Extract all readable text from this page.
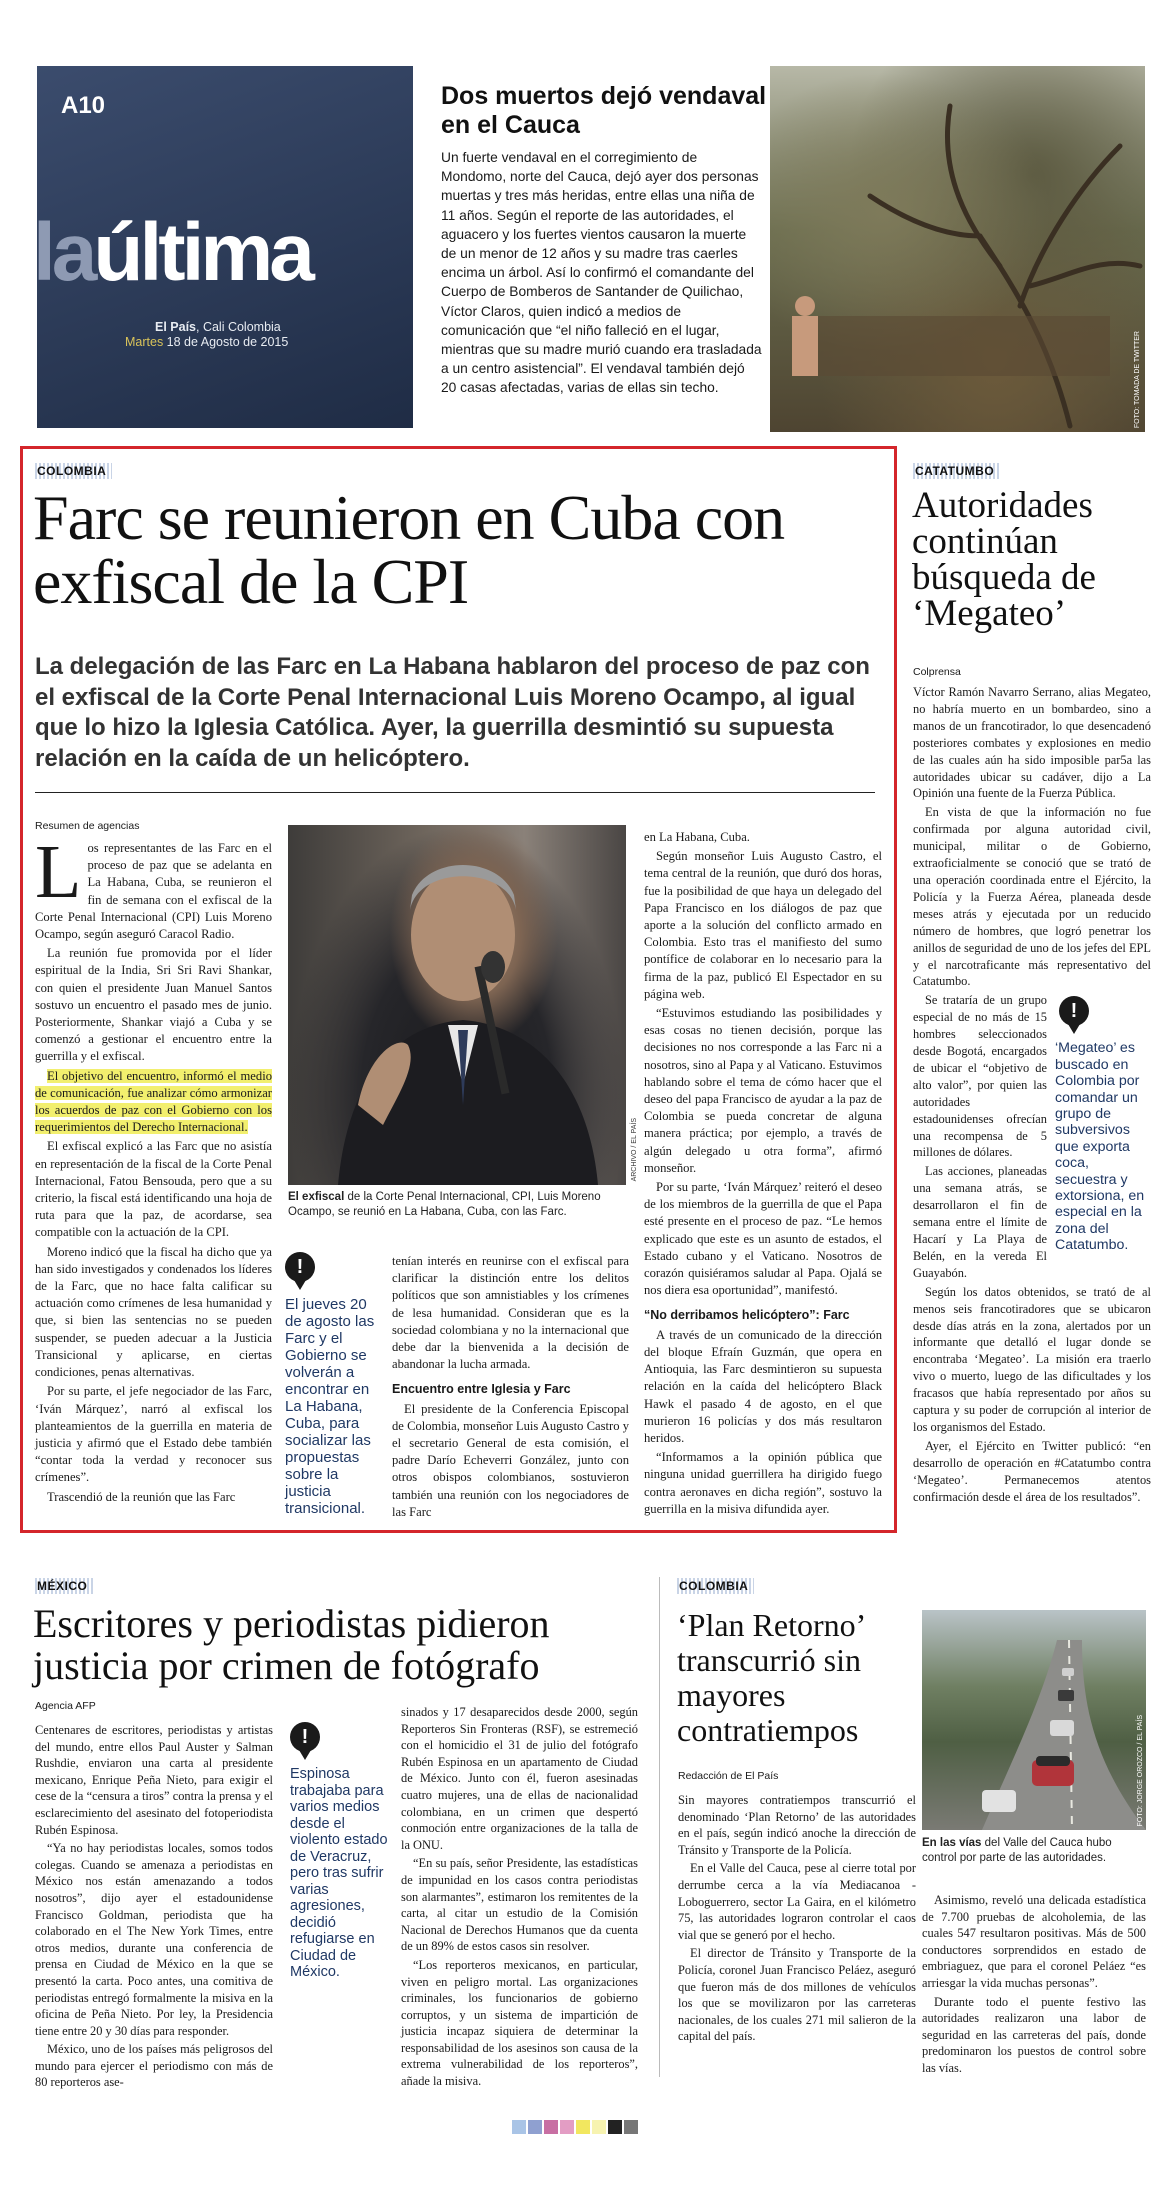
A10
laúltima
El País, Cali Colombia
Martes 18 de Agosto de 2015
Dos muertos dejó vendaval en el Cauca
Un fuerte vendaval en el corregimiento de Mondomo, norte del Cauca, dejó ayer dos personas muertas y tres más heridas, entre ellas una niña de 11 años. Según el reporte de las autoridades, el aguacero y los fuertes vientos causaron la muerte de un menor de 12 años y su madre tras caerles encima un árbol. Así lo confirmó el comandante del Cuerpo de Bomberos de Santander de Quilichao, Víctor Claros, quien indicó a medios de comunicación que “el niño falleció en el lugar, mientras que su madre murió cuando era trasladada a un centro asistencial”. El vendaval también dejó 20 casas afectadas, varias de ellas sin techo.	FOTO: TOMADA DE TWITTER
COLOMBIA
Farc se reunieron en Cuba con exfiscal de la CPI
La delegación de las Farc en La Habana hablaron del proceso de paz con el exfiscal de la Corte Penal Internacional Luis Moreno Ocampo, al igual que lo hizo la Iglesia Católica. Ayer, la guerrilla desmintió su supuesta relación en la caída de un helicóptero.
Resumen de agencias
L os representantes de las Farc en el proceso de paz que se adelanta en La Habana, Cuba, se reunieron el fin de semana con el exfiscal de la Corte Penal Internacional (CPI) Luis Moreno Ocampo, según aseguró Caracol Radio.

La reunión fue promovida por el líder espiritual de la India, Sri Sri Ravi Shankar, con quien el presidente Juan Manuel Santos sostuvo un encuentro el pasado mes de junio. Posteriormente, Shankar viajó a Cuba y se comenzó a gestionar el encuentro entre la guerrilla y el exfiscal.

El objetivo del encuentro, informó el medio de comunicación, fue analizar cómo armonizar los acuerdos de paz con el Gobierno con los requerimientos del Derecho Internacional.

El exfiscal explicó a las Farc que no asistía en representación de la fiscal de la Corte Penal Internacional, Fatou Bensouda, pero que a su criterio, la fiscal está identificando una hoja de ruta para que la paz, de acordarse, sea compatible con la actuación de la CPI.

Moreno indicó que la fiscal ha dicho que ya han sido investigados y condenados los líderes de la Farc, que no hace falta calificar su actuación como crímenes de lesa humanidad y que, si bien las sentencias no se pueden suspender, se pueden adecuar a la Justicia Transicional y aplicarse, en ciertas condiciones, penas alternativas.

Por su parte, el jefe negociador de las Farc, ‘Iván Márquez’, narró al exfiscal los planteamientos de la guerrilla en materia de justicia y afirmó que el Estado debe también “contar toda la verdad y reconocer sus crímenes”.

Trascendió de la reunión que las Farc

ARCHIVO / EL PAÍS
El exfiscal de la Corte Penal Internacional, CPI, Luis Moreno Ocampo, se reunió en La Habana, Cuba, con las Farc.
!
El jueves 20 de agosto las Farc y el Gobierno se volverán a encontrar en La Habana, Cuba, para socializar las propuestas sobre la justicia transicional.

tenían interés en reunirse con el exfiscal para clarificar la distinción entre los delitos políticos que son amnistiables y los crímenes de lesa humanidad. Consideran que es la sociedad colombiana y no la internacional que debe dar la bienvenida a la decisión de abandonar la lucha armada.

Encuentro entre Iglesia y Farc

El presidente de la Conferencia Episcopal de Colombia, monseñor Luis Augusto Castro y el secretario General de esta comisión, el padre Darío Echeverri González, junto con otros obispos colombianos, sostuvieron también una reunión con los negociadores de las Farc

en La Habana, Cuba.

Según monseñor Luis Augusto Castro, el tema central de la reunión, que duró dos horas, fue la posibilidad de que haya un delegado del Papa Francisco en los diálogos de paz que aporte a la solución del conflicto armado en Colombia. Esto tras el manifiesto del sumo pontífice de colaborar en lo necesario para la firma de la paz, publicó El Espectador en su página web.

“Estuvimos estudiando las posibilidades y esas cosas no tienen decisión, porque las decisiones no nos corresponde a las Farc ni a nosotros, sino al Papa y al Vaticano. Estuvimos hablando sobre el tema de cómo hacer que el deseo del papa Francisco de ayudar a la paz de Colombia se pueda concretar de alguna manera práctica; por ejemplo, a través de algún delegado u otra forma”, afirmó monseñor.

Por su parte, ‘Iván Márquez’ reiteró el deseo de los miembros de la guerrilla de que el Papa esté presente en el proceso de paz. “Le hemos explicado que este es un asunto de estados, el Estado cubano y el Vaticano. Nosotros de corazón quisiéramos saludar al Papa. Ojalá se nos diera esa oportunidad”, manifestó.

“No derribamos helicóptero”: Farc

A través de un comunicado de la dirección del bloque Efraín Guzmán, que opera en Antioquia, las Farc desmintieron su supuesta relación en la caída del helicóptero Black Hawk el pasado 4 de agosto, en el que murieron 16 policías y dos más resultaron heridos.

“Informamos a la opinión pública que ninguna unidad guerrillera ha dirigido fuego contra aeronaves en dicha región”, sostuvo la guerrilla en la misiva difundida ayer.

CATATUMBO
Autoridades continúan búsqueda de ‘Megateo’
Colprensa

Víctor Ramón Navarro Serrano, alias Megateo, no habría muerto en un bombardeo, sino a manos de un francotirador, lo que desencadenó posteriores combates y explosiones en medio de las cuales aún ha sido imposible par5a las autoridades ubicar su cadáver, dijo a La Opinión una fuente de la Fuerza Pública.

En vista de que la información no fue confirmada por alguna autoridad civil, municipal, militar o de Gobierno, extraoficialmente se conoció que se trató de una operación coordinada entre el Ejército, la Policía y la Fuerza Aérea, planeada desde meses atrás y ejecutada por un reducido número de hombres, que logró penetrar los anillos de seguridad de uno de los jefes del EPL y el narcotraficante más representativo del Catatumbo.

!
‘Megateo’ es buscado en Colombia por comandar un grupo de subversivos que exporta coca, secuestra y extorsiona, en especial en la zona del Catatumbo.

Se trataría de un grupo especial de no más de 15 hombres seleccionados desde Bogotá, encargados de ubicar el “objetivo de alto valor”, por quien las autoridades estadounidenses ofrecían una recompensa de 5 millones de dólares.

Las acciones, planeadas una semana atrás, se desarrollaron el fin de semana entre el límite de Hacarí y La Playa de Belén, en la vereda El Guayabón.

Según los datos obtenidos, se trató de al menos seis francotiradores que se ubicaron desde días atrás en la zona, alertados por un informante que detalló el lugar donde se encontraba ‘Megateo’. La misión era traerlo vivo o muerto, luego de las dificultades y los fracasos que había representado por años su captura y su poder de corrupción al interior de los organismos del Estado.

Ayer, el Ejército en Twitter publicó: “en desarrollo de operación en #Catatumbo contra ‘Megateo’. Permanecemos atentos confirmación desde el área de los resultados”.

MÉXICO
Escritores y periodistas pidieron justicia por crimen de fotógrafo
Agencia AFP

Centenares de escritores, periodistas y artistas del mundo, entre ellos Paul Auster y Salman Rushdie, enviaron una carta al presidente mexicano, Enrique Peña Nieto, para exigir el cese de la “censura a tiros” contra la prensa y el esclarecimiento del asesinato del fotoperiodista Rubén Espinosa.

“Ya no hay periodistas locales, somos todos colegas. Cuando se amenaza a periodistas en México nos están amenazando a todos nosotros”, dijo ayer el estadounidense Francisco Goldman, periodista que ha colaborado en el The New York Times, entre otros medios, durante una conferencia de prensa en Ciudad de México en la que se presentó la carta. Poco antes, una comitiva de periodistas entregó formalmente la misiva en la oficina de Peña Nieto. Por ley, la Presidencia tiene entre 20 y 30 días para responder.

México, uno de los países más peligrosos del mundo para ejercer el periodismo con más de 80 reporteros ase-

!
Espinosa trabajaba para varios medios desde el violento estado de Veracruz, pero tras sufrir varias agresiones, decidió refugiarse en Ciudad de México.

sinados y 17 desaparecidos desde 2000, según Reporteros Sin Fronteras (RSF), se estremeció con el homicidio el 31 de julio del fotógrafo Rubén Espinosa en un apartamento de Ciudad de México. Junto con él, fueron asesinadas cuatro mujeres, una de ellas de nacionalidad colombiana, en un crimen que despertó conmoción entre organizaciones de la talla de la ONU.

“En su país, señor Presidente, las estadísticas de impunidad en los casos contra periodistas son alarmantes”, estimaron los remitentes de la carta, al citar un estudio de la Comisión Nacional de Derechos Humanos que da cuenta de un 89% de estos casos sin resolver.

“Los reporteros mexicanos, en particular, viven en peligro mortal. Las organizaciones criminales, los funcionarios de gobierno corruptos, y un sistema de impartición de justicia incapaz siquiera de determinar la responsabilidad de los asesinos son causa de la extrema vulnerabilidad de los reporteros”, añade la misiva.

COLOMBIA
‘Plan Retorno’ transcurrió sin mayores contratiempos
Redacción de El País

Sin mayores contratiempos transcurrió el denominado ‘Plan Retorno’ de las autoridades en el país, según indicó anoche la dirección de Tránsito y Transporte de la Policía.

En el Valle del Cauca, pese al cierre total por derrumbe cerca a la vía Mediacanoa - Loboguerrero, sector La Gaira, en el kilómetro 75, las autoridades lograron controlar el caos vial que se generó por el hecho.

El director de Tránsito y Transporte de la Policía, coronel Juan Francisco Peláez, aseguró que fueron más de dos millones de vehículos los que se movilizaron por las carreteras nacionales, de los cuales 271 mil salieron de la capital del país.

FOTO: JORGE OROZCO / EL PAÍS
En las vías del Valle del Cauca hubo control por parte de las autoridades.

Asimismo, reveló una delicada estadística de 7.700 pruebas de alcoholemia, de las cuales 547 resultaron positivas. Más de 500 conductores sorprendidos en estado de embriaguez, que para el coronel Peláez “es arriesgar la vida muchas personas”.

Durante todo el puente festivo las autoridades realizaron una labor de seguridad en las carreteras del país, donde predominaron los puestos de control sobre las vías.
